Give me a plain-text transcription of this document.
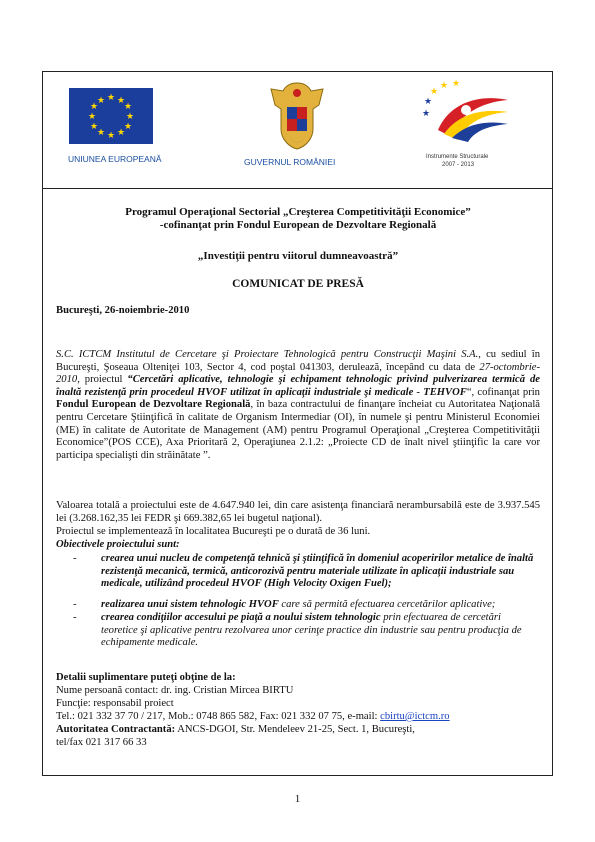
★ ★
★
★
★
★
★
★
★
★
★
★
UNIUNEA EUROPEANĂ	GUVERNUL ROMÂNIEI
★
★ ★
★
★
Instrumente Structurale
2007 - 2013
Programul Operaţional Sectorial „Creşterea Competitivităţii Economice”
-cofinanţat prin Fondul European de Dezvoltare Regională
„Investiţii pentru viitorul dumneavoastră”
COMUNICAT DE PRESĂ
Bucureşti, 26-noiembrie-2010
S.C. ICTCM Institutul de Cercetare şi Proiectare Tehnologică pentru Construcţii Maşini S.A., cu sediul în Bucureşti, Şoseaua Olteniţei 103, Sector 4, cod poştal 041303, derulează, începând cu data de 27-octombrie-2010, proiectul “Cercetări aplicative, tehnologie şi echipament tehnologic privind pulverizarea termică de înaltă rezistenţă prin procedeul HVOF utilizat în aplicaţii industriale şi medicale - TEHVOF“, cofinanţat prin Fondul European de Dezvoltare Regională, în baza contractului de finanţare încheiat cu Autoritatea Naţională pentru Cercetare Ştiinţifică în calitate de Organism Intermediar (OI), în numele şi pentru Ministerul Economiei (ME) în calitate de Autoritate de Management (AM) pentru Programul Operaţional „Creşterea Competitivităţii Economice”(POS CCE), Axa Prioritară 2, Operaţiunea 2.1.2: „Proiecte CD de înalt nivel ştiinţific la care vor participa specialişti din străinătate ”.
Valoarea totală a proiectului este de 4.647.940 lei, din care asistenţa financiară nerambursabilă este de 3.937.545 lei (3.268.162,35 lei FEDR şi 669.382,65 lei bugetul naţional).
Proiectul se implementează în localitatea Bucureşti pe o durată de 36 luni.
Obiectivele proiectului sunt:
-	crearea unui nucleu de competenţă tehnică şi ştiinţifică în domeniul acoperirilor metalice de înaltă rezistenţă mecanică, termică, anticorozivă pentru materiale utilizate în aplicaţii industriale sau medicale, utilizând procedeul HVOF (High Velocity Oxigen Fuel);
-	realizarea unui sistem tehnologic HVOF care să permită efectuarea cercetărilor aplicative;
-	crearea condiţiilor accesului pe piaţă a noului sistem tehnologic prin efectuarea de cercetări teoretice şi aplicative pentru rezolvarea unor cerinţe practice din industrie sau pentru producţia de echipamente medicale.
Detalii suplimentare puteţi obţine de la:
Nume persoană contact: dr. ing. Cristian Mircea BIRTU
Funcţie: responsabil proiect
Tel.: 021 332 37 70 / 217, Mob.: 0748 865 582, Fax: 021 332 07 75, e-mail: cbirtu@ictcm.ro
Autoritatea Contractantă: ANCS-DGOI, Str. Mendeleev 21-25, Sect. 1, Bucureşti,
tel/fax 021 317 66 33
1
